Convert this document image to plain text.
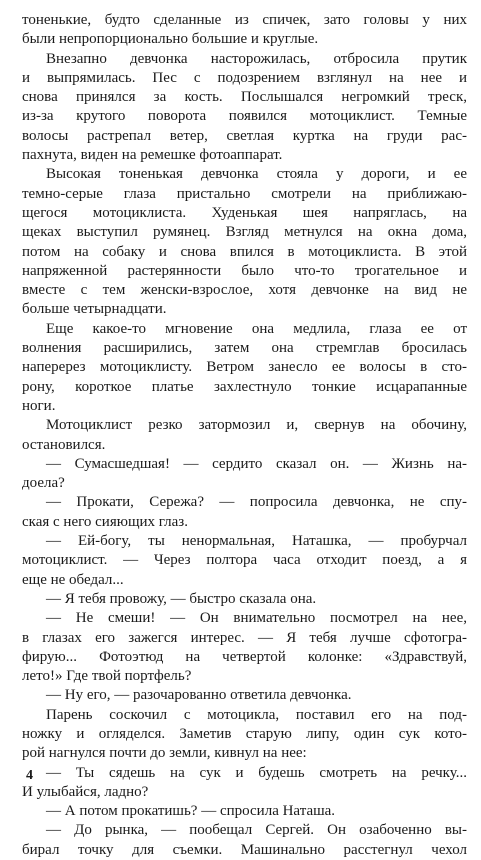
тоненькие, будто сделанные из спичек, зато головы у них
были непропорционально большие и круглые.
Внезапно девчонка насторожилась, отбросила прутик
и выпрямилась. Пес с подозрением взглянул на нее и
снова принялся за кость. Послышался негромкий треск,
из-за крутого поворота появился мотоциклист. Темные
волосы растрепал ветер, светлая куртка на груди рас-
пахнута, виден на ремешке фотоаппарат.
Высокая тоненькая девчонка стояла у дороги, и ее
темно-серые глаза пристально смотрели на приближаю-
щегося мотоциклиста. Худенькая шея напряглась, на
щеках выступил румянец. Взгляд метнулся на окна дома,
потом на собаку и снова впился в мотоциклиста. В этой
напряженной растерянности было что-то трогательное и
вместе с тем женски-взрослое, хотя девчонке на вид не
больше четырнадцати.
Еще какое-то мгновение она медлила, глаза ее от
волнения расширились, затем она стремглав бросилась
наперерез мотоциклисту. Ветром занесло ее волосы в сто-
рону, короткое платье захлестнуло тонкие исцарапанные
ноги.
Мотоциклист резко затормозил и, свернув на обочину,
остановился.
— Сумасшедшая! — сердито сказал он. — Жизнь на-
доела?
— Прокати, Сережа? — попросила девчонка, не спу-
ская с него сияющих глаз.
— Ей-богу, ты ненормальная, Наташка, — пробурчал
мотоциклист. — Через полтора часа отходит поезд, а я
еще не обедал...
— Я тебя провожу, — быстро сказала она.
— Не смеши! — Он внимательно посмотрел на нее,
в глазах его зажегся интерес. — Я тебя лучше сфотогра-
фирую... Фотоэтюд на четвертой колонке: «Здравствуй,
лето!» Где твой портфель?
— Ну его, — разочарованно ответила девчонка.
Парень соскочил с мотоцикла, поставил его на под-
ножку и огляделся. Заметив старую липу, один сук кото-
рой нагнулся почти до земли, кивнул на нее:
— Ты сядешь на сук и будешь смотреть на речку...
И улыбайся, ладно?
— А потом прокатишь? — спросила Наташа.
— До рынка, — пообещал Сергей. Он озабоченно вы-
бирал точку для съемки. Машинально расстегнул чехол
4
